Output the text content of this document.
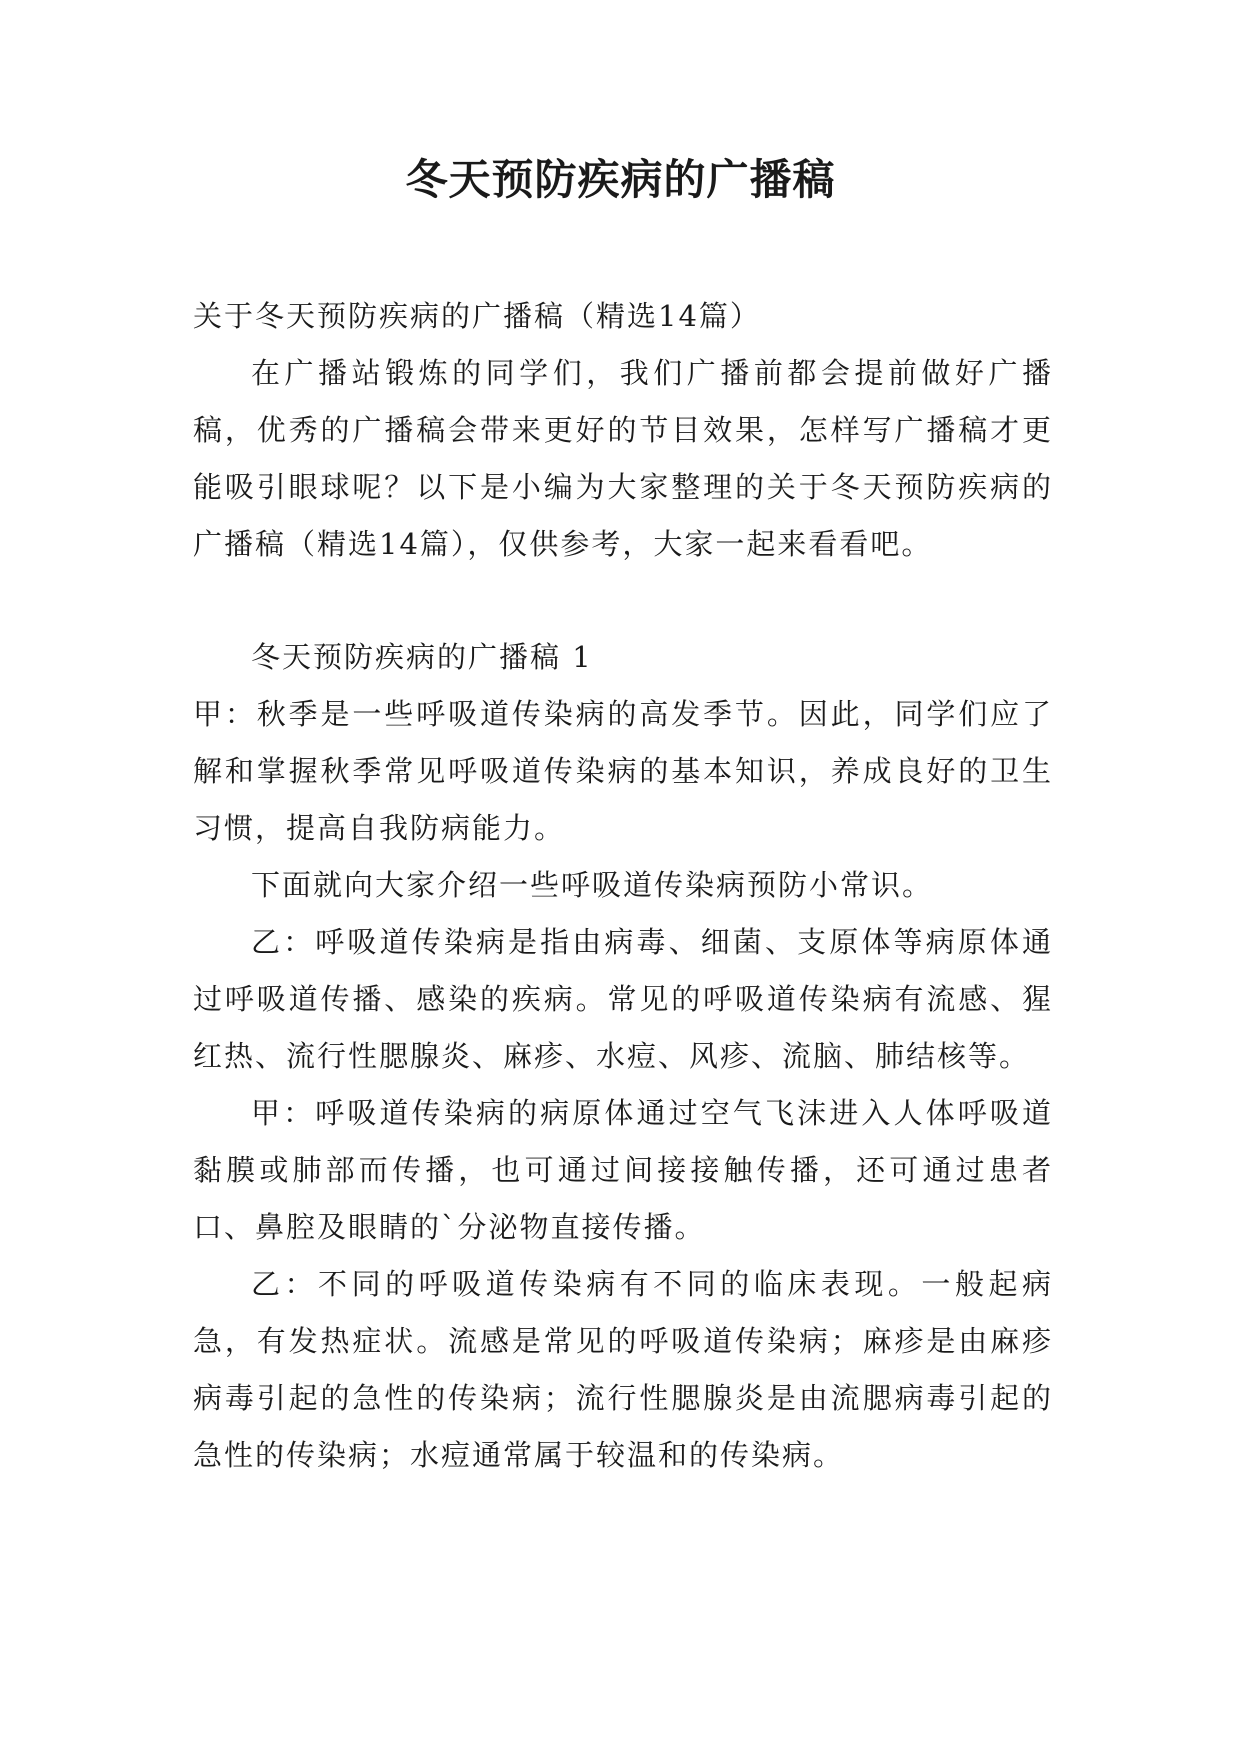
冬天预防疾病的广播稿

关于冬天预防疾病的广播稿（精选14篇）

在广播站锻炼的同学们，我们广播前都会提前做好广播稿，优秀的广播稿会带来更好的节目效果，怎样写广播稿才更能吸引眼球呢？以下是小编为大家整理的关于冬天预防疾病的广播稿（精选14篇），仅供参考，大家一起来看看吧。

冬天预防疾病的广播稿 1

甲：秋季是一些呼吸道传染病的高发季节。因此，同学们应了解和掌握秋季常见呼吸道传染病的基本知识，养成良好的卫生习惯，提高自我防病能力。

下面就向大家介绍一些呼吸道传染病预防小常识。

乙：呼吸道传染病是指由病毒、细菌、支原体等病原体通过呼吸道传播、感染的疾病。常见的呼吸道传染病有流感、猩红热、流行性腮腺炎、麻疹、水痘、风疹、流脑、肺结核等。

甲：呼吸道传染病的病原体通过空气飞沫进入人体呼吸道黏膜或肺部而传播，也可通过间接接触传播，还可通过患者口、鼻腔及眼睛的`分泌物直接传播。

乙：不同的呼吸道传染病有不同的临床表现。一般起病急，有发热症状。流感是常见的呼吸道传染病；麻疹是由麻疹病毒引起的急性的传染病；流行性腮腺炎是由流腮病毒引起的急性的传染病；水痘通常属于较温和的传染病。
